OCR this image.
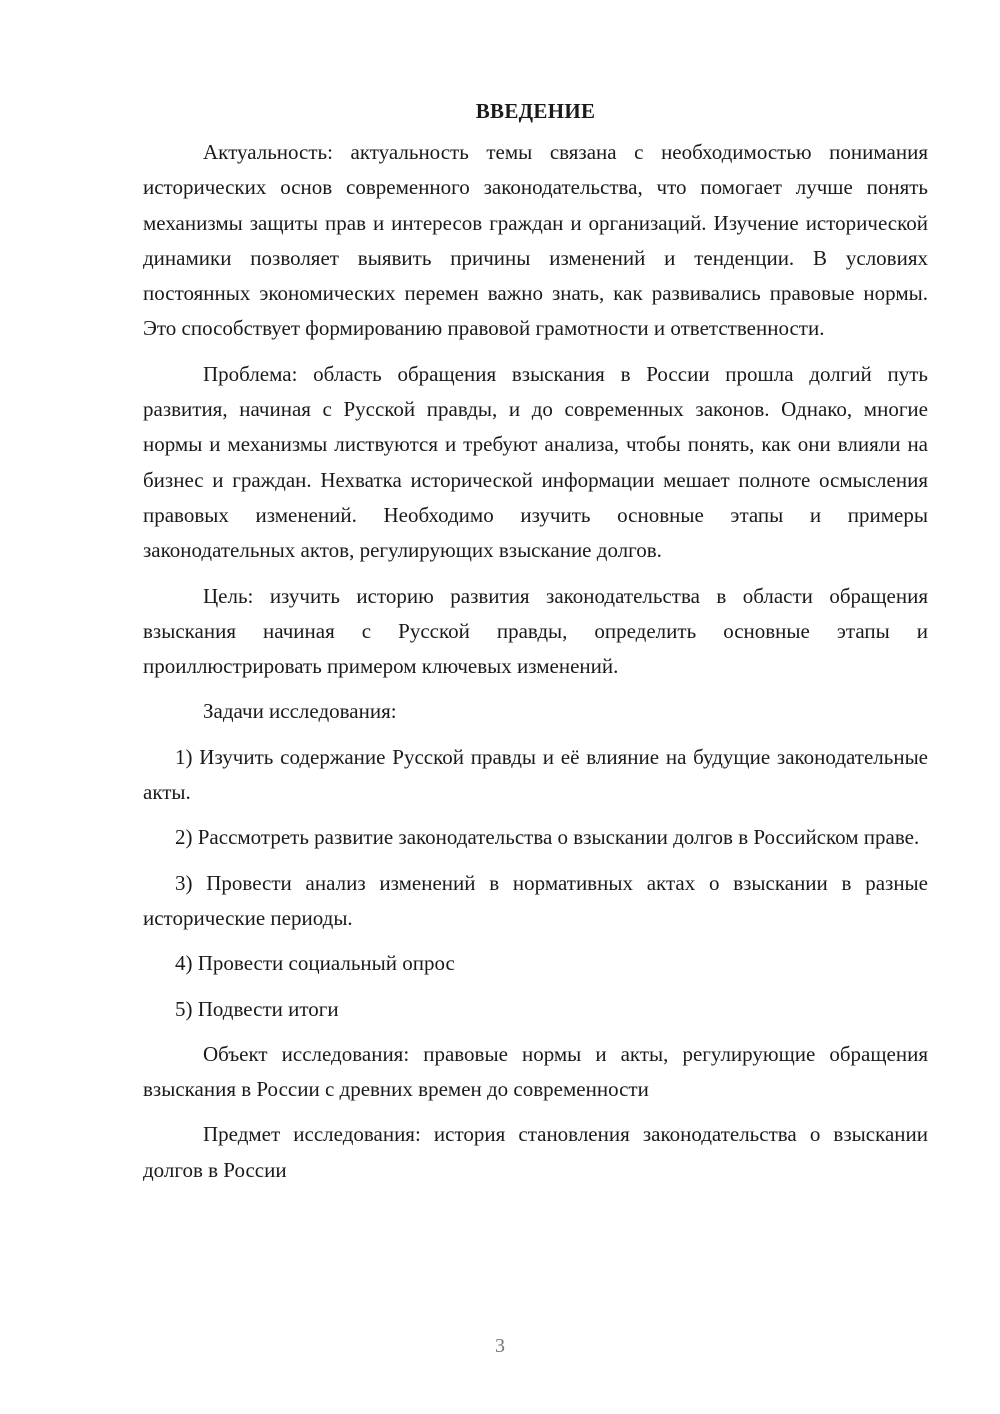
ВВЕДЕНИЕ

Актуальность: актуальность темы связана с необходимостью понимания исторических основ современного законодательства, что помогает лучше понять механизмы защиты прав и интересов граждан и организаций. Изучение исторической динамики позволяет выявить причины изменений и тенденции. В условиях постоянных экономических перемен важно знать, как развивались правовые нормы. Это способствует формированию правовой грамотности и ответственности.

Проблема: область обращения взыскания в России прошла долгий путь развития, начиная с Русской правды, и до современных законов. Однако, многие нормы и механизмы листвуются и требуют анализа, чтобы понять, как они влияли на бизнес и граждан. Нехватка исторической информации мешает полноте осмысления правовых изменений. Необходимо изучить основные этапы и примеры законодательных актов, регулирующих взыскание долгов.

Цель: изучить историю развития законодательства в области обращения взыскания начиная с Русской правды, определить основные этапы и проиллюстрировать примером ключевых изменений.

Задачи исследования:

1) Изучить содержание Русской правды и её влияние на будущие законодательные акты.

2) Рассмотреть развитие законодательства о взыскании долгов в Российском праве.

3) Провести анализ изменений в нормативных актах о взыскании в разные исторические периоды.

4) Провести социальный опрос

5) Подвести итоги

Объект исследования: правовые нормы и акты, регулирующие обращения взыскания в России с древних времен до современности

Предмет исследования: история становления законодательства о взыскании долгов в России

3
